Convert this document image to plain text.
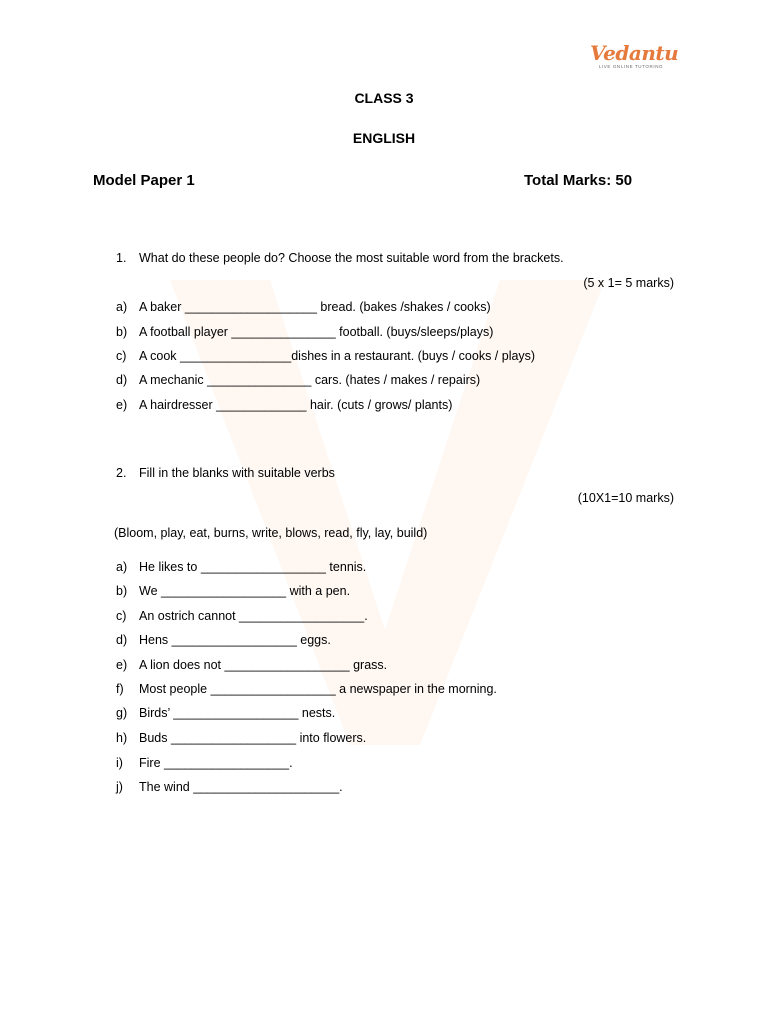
Vedantu
LIVE ONLINE TUTORING
CLASS 3
ENGLISH
Model Paper 1	Total Marks: 50
1. What do these people do? Choose the most suitable word from the brackets.
(5 x 1= 5 marks)
a) A baker ___________________ bread. (bakes /shakes / cooks)
b) A football player _______________ football. (buys/sleeps/plays)
c) A cook ________________dishes in a restaurant. (buys / cooks / plays)
d) A mechanic _______________ cars. (hates / makes / repairs)
e) A hairdresser _____________ hair. (cuts / grows/ plants)
2. Fill in the blanks with suitable verbs
(10X1=10 marks)
(Bloom, play, eat, burns, write, blows, read, fly, lay, build)
a) He likes to __________________ tennis.
b) We __________________ with a pen.
c) An ostrich cannot __________________.
d) Hens __________________ eggs.
e) A lion does not __________________ grass.
f) Most people __________________ a newspaper in the morning.
g) Birds’ __________________ nests.
h) Buds __________________ into flowers.
i) Fire __________________.
j) The wind _____________________.
